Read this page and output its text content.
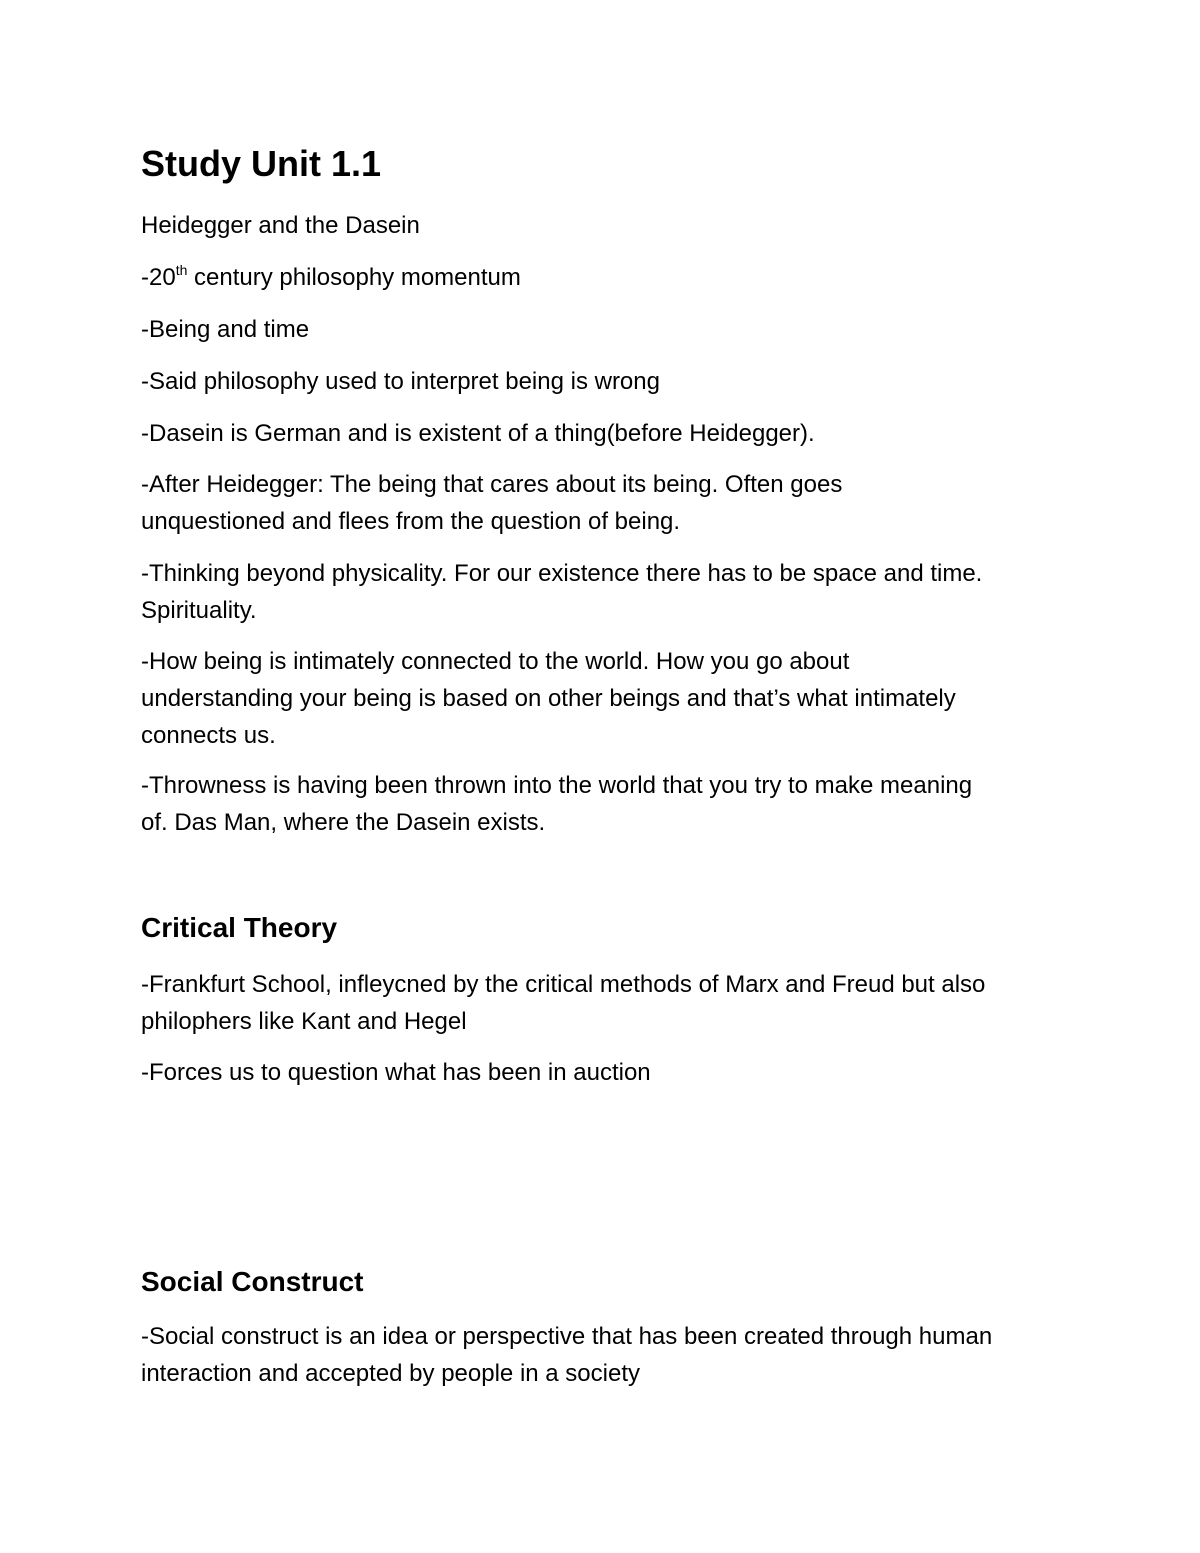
Study Unit 1.1

Heidegger and the Dasein

-20th century philosophy momentum

-Being and time

-Said philosophy used to interpret being is wrong

-Dasein is German and is existent of a thing(before Heidegger).

-After Heidegger: The being that cares about its being. Often goes unquestioned and flees from the question of being.

-Thinking beyond physicality. For our existence there has to be space and time. Spirituality.

-How being is intimately connected to the world. How you go about understanding your being is based on other beings and that’s what intimately connects us.

-Throwness is having been thrown into the world that you try to make meaning of. Das Man, where the Dasein exists.

Critical Theory

-Frankfurt School, infleycned by the critical methods of Marx and Freud but also philophers like Kant and Hegel

-Forces us to question what has been in auction

Social Construct

-Social construct is an idea or perspective that has been created through human interaction and accepted by people in a society
